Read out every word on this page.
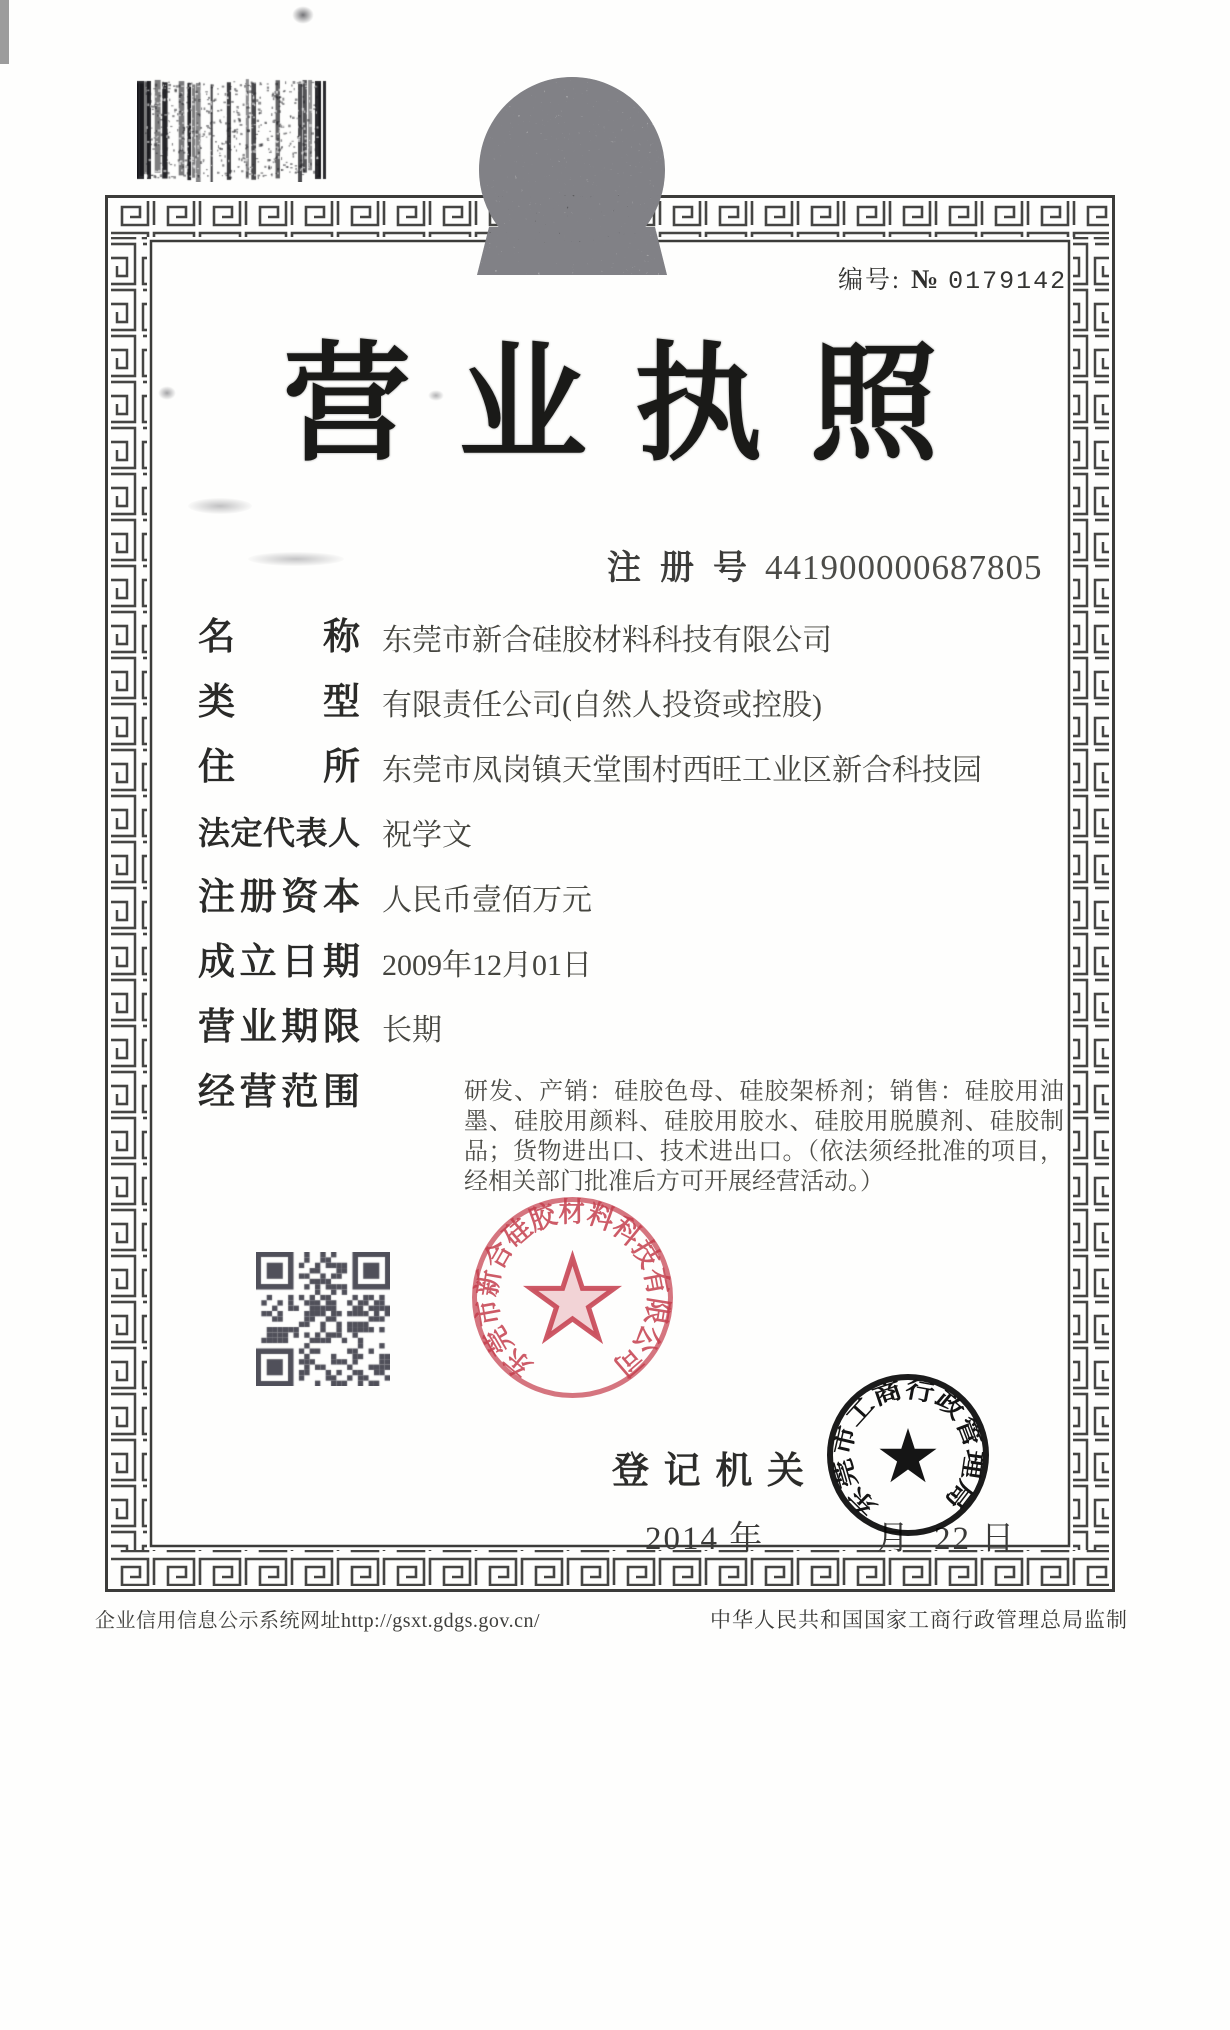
编号: № 0179142
营 业 执 照
注 册 号 441900000687805
名 称 东莞市新合硅胶材料科技有限公司
类 型 有限责任公司(自然人投资或控股)
住 所 东莞市凤岗镇天堂围村西旺工业区新合科技园
法 定 代 表 人 祝学文
注 册 资 本 人民币壹佰万元
成 立 日 期 2009年12月01日
营 业 期 限 长期
经 营 范 围	研发、产销：硅胶色母、硅胶架桥剂；销售：硅胶用油墨、硅胶用颜料、硅胶用胶水、硅胶用脱膜剂、硅胶制品；货物进出口、技术进出口。（依法须经批准的项目，经相关部门批准后方可开展经营活动。）
东莞市新合硅胶材料科技有限公司
登 记 机 关
2014 年	月 22 日
东莞市工商行政管理局
企业信用信息公示系统网址http://gsxt.gdgs.gov.cn/	中华人民共和国国家工商行政管理总局监制
